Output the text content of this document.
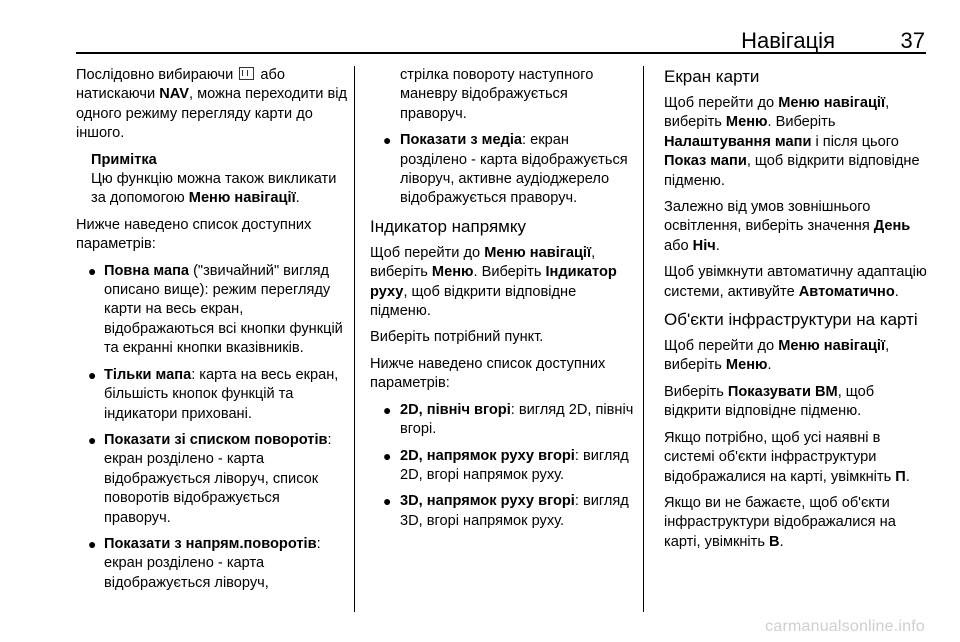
Навігація	37

Послідовно вибираючи  або натискаючи NAV, можна переходити від одного режиму перегляду карти до іншого.

Примітка
Цю функцію можна також викликати за допомогою Меню навігації.

Нижче наведено список доступних параметрів:

● Повна мапа ("звичайний" вигляд описано вище): режим перегляду карти на весь екран, відображаються всі кнопки функцій та екранні кнопки вказівників.
● Тільки мапа: карта на весь екран, більшість кнопок функцій та індикатори приховані.
● Показати зі списком поворотів: екран розділено - карта відображується ліворуч, список поворотів відображується праворуч.
● Показати з напрям.поворотів: екран розділено - карта відображується ліворуч,

стрілка повороту наступного маневру відображується праворуч.

● Показати з медіа: екран розділено - карта відображується ліворуч, активне аудіоджерело відображується праворуч.
Індикатор напрямку

Щоб перейти до Меню навігації, виберіть Меню. Виберіть Індикатор руху, щоб відкрити відповідне підменю.

Виберіть потрібний пункт.

Нижче наведено список доступних параметрів:

● 2D, північ вгорі: вигляд 2D, північ вгорі.
● 2D, напрямок руху вгорі: вигляд 2D, вгорі напрямок руху.
● 3D, напрямок руху вгорі: вигляд 3D, вгорі напрямок руху.
Екран карти

Щоб перейти до Меню навігації, виберіть Меню. Виберіть Налаштування мапи і після цього Показ мапи, щоб відкрити відповідне підменю.

Залежно від умов зовнішнього освітлення, виберіть значення День або Ніч.

Щоб увімкнути автоматичну адаптацію системи, активуйте Автоматично.

Об'єкти інфраструктури на карті

Щоб перейти до Меню навігації, виберіть Меню.

Виберіть Показувати ВМ, щоб відкрити відповідне підменю.

Якщо потрібно, щоб усі наявні в системі об'єкти інфраструктури відображалися на карті, увімкніть П.

Якщо ви не бажаєте, щоб об'єкти інфраструктури відображалися на карті, увімкніть В.

carmanualsonline.info
